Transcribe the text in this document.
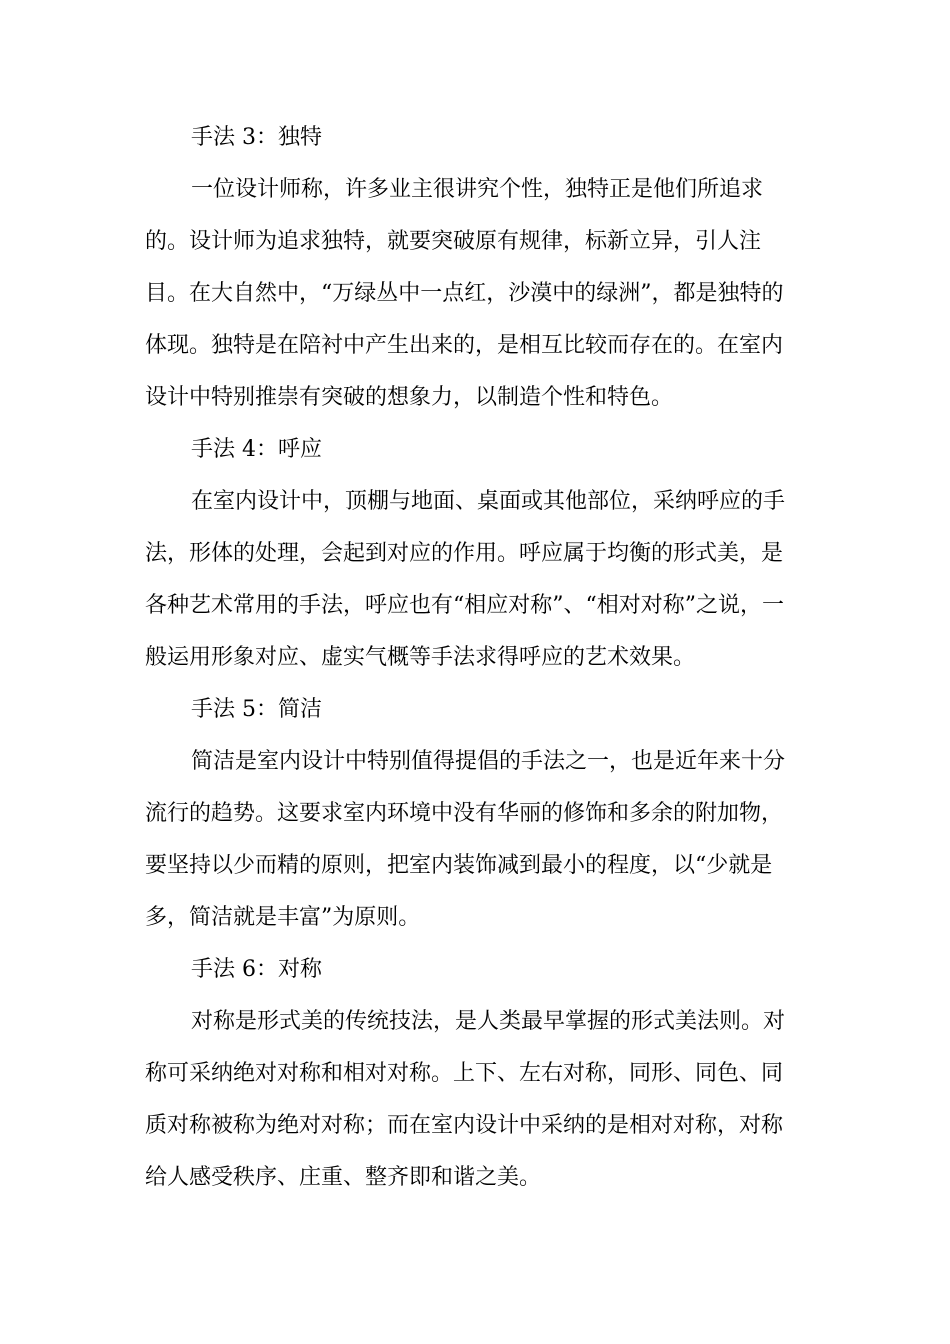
手法 3：独特

一位设计师称，许多业主很讲究个性，独特正是他们所追求
的。设计师为追求独特，就要突破原有规律，标新立异，引人注
目。在大自然中，“万绿丛中一点红，沙漠中的绿洲”，都是独特的
体现。独特是在陪衬中产生出来的，是相互比较而存在的。在室内
设计中特别推崇有突破的想象力，以制造个性和特色。

手法 4：呼应

在室内设计中，顶棚与地面、桌面或其他部位，采纳呼应的手
法，形体的处理，会起到对应的作用。呼应属于均衡的形式美，是
各种艺术常用的手法，呼应也有“相应对称”、“相对对称”之说，一
般运用形象对应、虚实气概等手法求得呼应的艺术效果。

手法 5：简洁

简洁是室内设计中特别值得提倡的手法之一，也是近年来十分
流行的趋势。这要求室内环境中没有华丽的修饰和多余的附加物，
要坚持以少而精的原则，把室内装饰减到最小的程度，以“少就是
多，简洁就是丰富”为原则。

手法 6：对称

对称是形式美的传统技法，是人类最早掌握的形式美法则。对
称可采纳绝对对称和相对对称。上下、左右对称，同形、同色、同
质对称被称为绝对对称；而在室内设计中采纳的是相对对称，对称
给人感受秩序、庄重、整齐即和谐之美。
